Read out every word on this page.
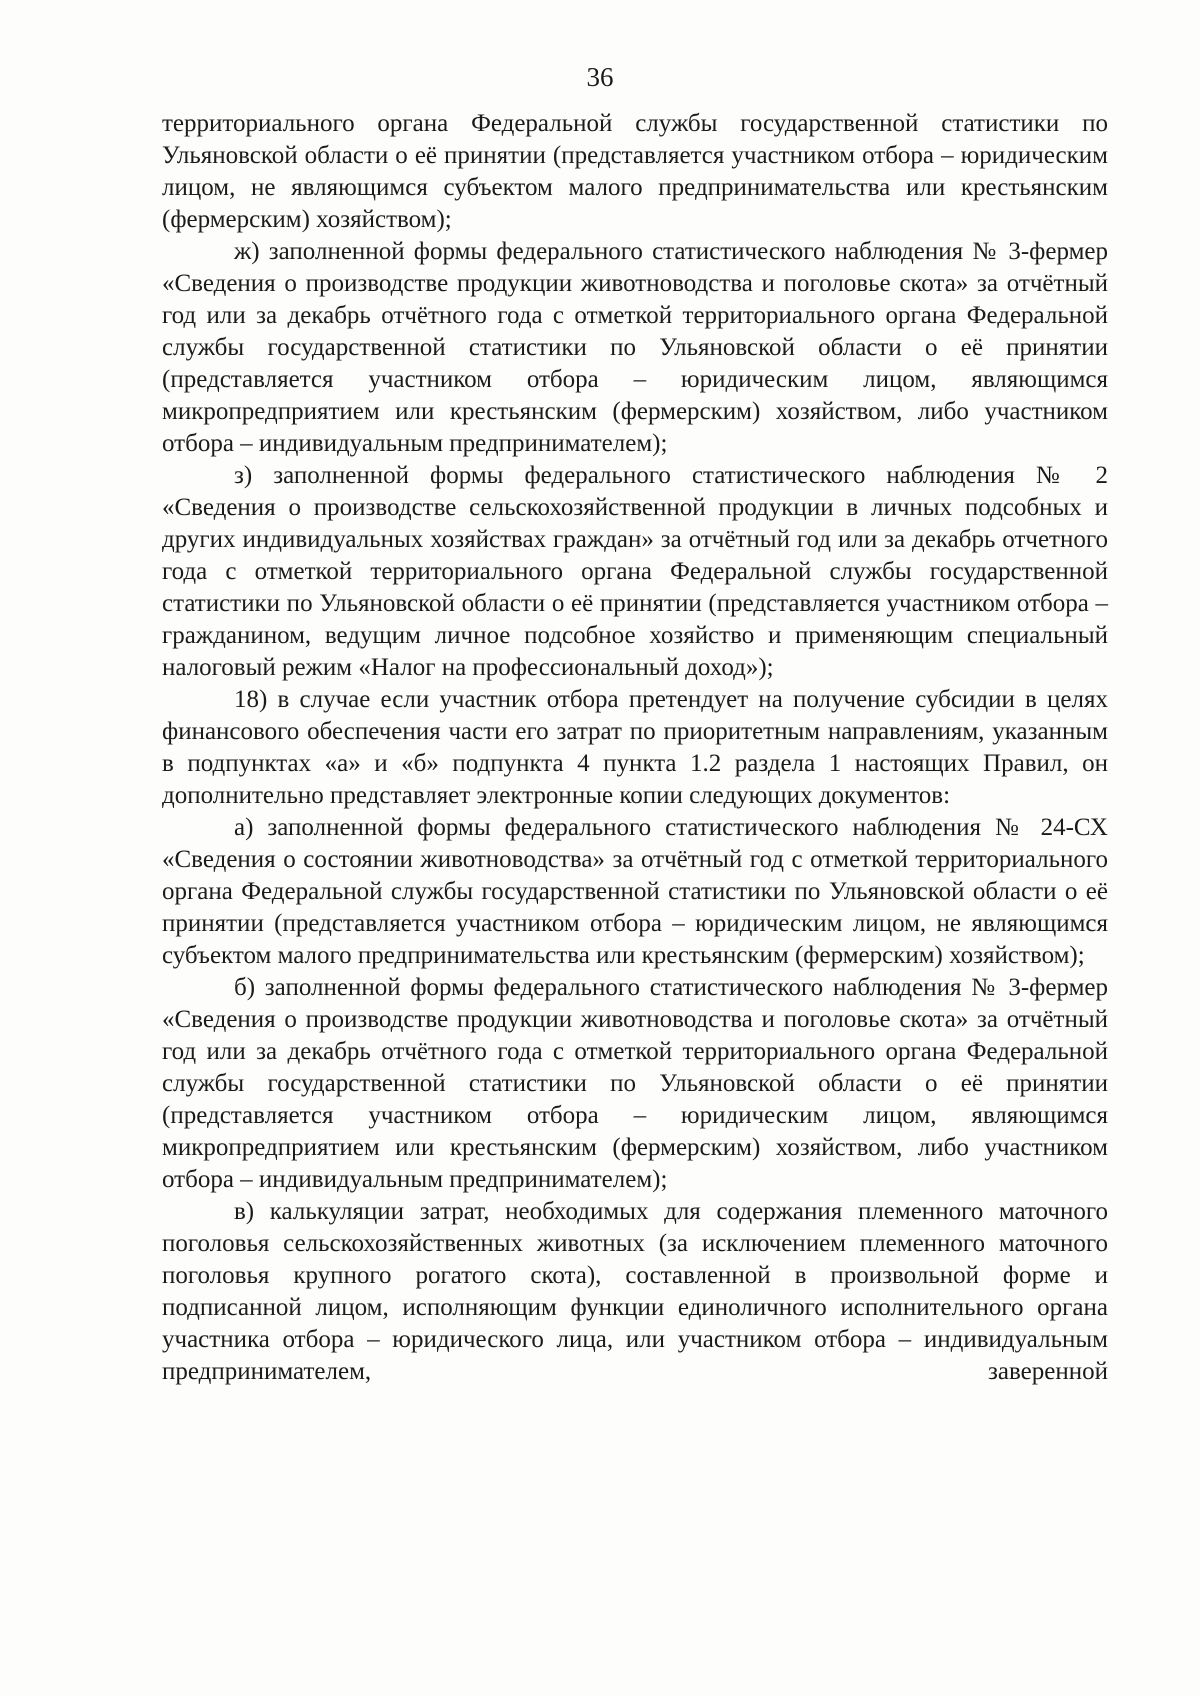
36

территориального органа Федеральной службы государственной статистики по Ульяновской области о её принятии (представляется участником отбора – юридическим лицом, не являющимся субъектом малого предпринимательства или крестьянским (фермерским) хозяйством);

ж) заполненной формы федерального статистического наблюдения № 3-фермер «Сведения о производстве продукции животноводства и поголовье скота» за отчётный год или за декабрь отчётного года с отметкой территориального органа Федеральной службы государственной статистики по Ульяновской области о её принятии (представляется участником отбора – юридическим лицом, являющимся микропредприятием или крестьянским (фермерским) хозяйством, либо участником отбора – индивидуальным предпринимателем);

з) заполненной формы федерального статистического наблюдения № 2 «Сведения о производстве сельскохозяйственной продукции в личных подсобных и других индивидуальных хозяйствах граждан» за отчётный год или за декабрь отчетного года с отметкой территориального органа Федеральной службы государственной статистики по Ульяновской области о её принятии (представляется участником отбора – гражданином, ведущим личное подсобное хозяйство и применяющим специальный налоговый режим «Налог на профессиональный доход»);

18) в случае если участник отбора претендует на получение субсидии в целях финансового обеспечения части его затрат по приоритетным направлениям, указанным в подпунктах «а» и «б» подпункта 4 пункта 1.2 раздела 1 настоящих Правил, он дополнительно представляет электронные копии следующих документов:

а) заполненной формы федерального статистического наблюдения № 24-СХ «Сведения о состоянии животноводства» за отчётный год с отметкой территориального органа Федеральной службы государственной статистики по Ульяновской области о её принятии (представляется участником отбора – юридическим лицом, не являющимся субъектом малого предпринимательства или крестьянским (фермерским) хозяйством);

б) заполненной формы федерального статистического наблюдения № 3-фермер «Сведения о производстве продукции животноводства и поголовье скота» за отчётный год или за декабрь отчётного года с отметкой территориального органа Федеральной службы государственной статистики по Ульяновской области о её принятии (представляется участником отбора – юридическим лицом, являющимся микропредприятием или крестьянским (фермерским) хозяйством, либо участником отбора – индивидуальным предпринимателем);

в) калькуляции затрат, необходимых для содержания племенного маточного поголовья сельскохозяйственных животных (за исключением племенного маточного поголовья крупного рогатого скота), составленной в произвольной форме и подписанной лицом, исполняющим функции единоличного исполнительного органа участника отбора – юридического лица, или участником отбора – индивидуальным предпринимателем, заверенной
